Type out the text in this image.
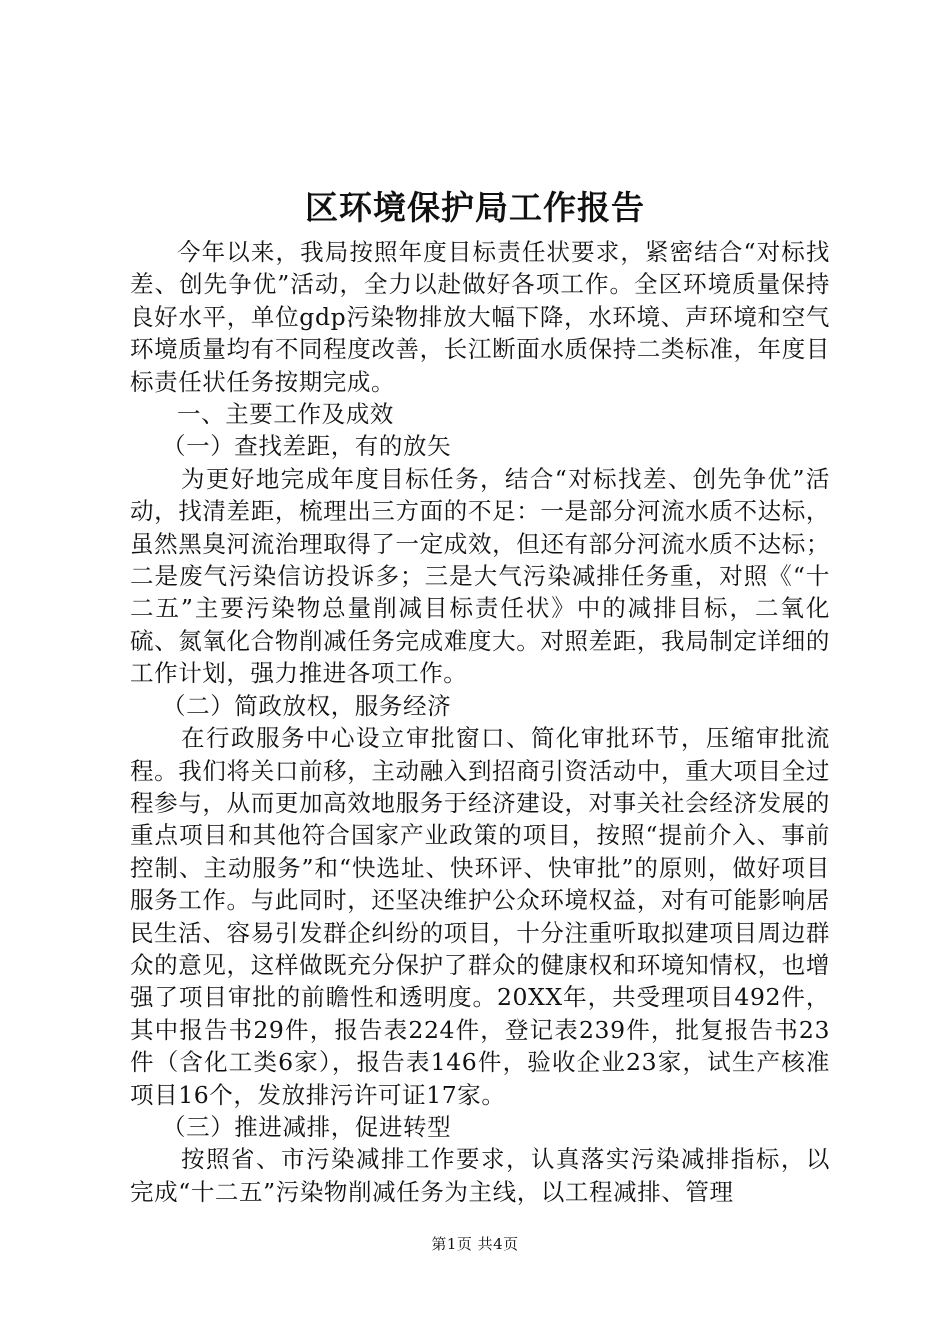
区环境保护局工作报告

今年以来，我局按照年度目标责任状要求，紧密结合“对标找差、创先争优”活动，全力以赴做好各项工作。全区环境质量保持良好水平，单位gdp污染物排放大幅下降，水环境、声环境和空气环境质量均有不同程度改善，长江断面水质保持二类标准，年度目标责任状任务按期完成。

一、主要工作及成效

（一）查找差距，有的放矢

为更好地完成年度目标任务，结合“对标找差、创先争优”活动，找清差距，梳理出三方面的不足：一是部分河流水质不达标，虽然黑臭河流治理取得了一定成效，但还有部分河流水质不达标；二是废气污染信访投诉多；三是大气污染减排任务重，对照《“十二五”主要污染物总量削减目标责任状》中的减排目标，二氧化硫、氮氧化合物削减任务完成难度大。对照差距，我局制定详细的工作计划，强力推进各项工作。

（二）简政放权，服务经济

在行政服务中心设立审批窗口、简化审批环节，压缩审批流程。我们将关口前移，主动融入到招商引资活动中，重大项目全过程参与，从而更加高效地服务于经济建设，对事关社会经济发展的重点项目和其他符合国家产业政策的项目，按照“提前介入、事前控制、主动服务”和“快选址、快环评、快审批”的原则，做好项目服务工作。与此同时，还坚决维护公众环境权益，对有可能影响居民生活、容易引发群企纠纷的项目，十分注重听取拟建项目周边群众的意见，这样做既充分保护了群众的健康权和环境知情权，也增强了项目审批的前瞻性和透明度。20XX年，共受理项目492件，其中报告书29件，报告表224件，登记表239件，批复报告书23件（含化工类6家），报告表146件，验收企业23家，试生产核准项目16个，发放排污许可证17家。

（三）推进减排，促进转型

按照省、市污染减排工作要求，认真落实污染减排指标，以完成“十二五”污染物削减任务为主线，以工程减排、管理

第1页 共4页
